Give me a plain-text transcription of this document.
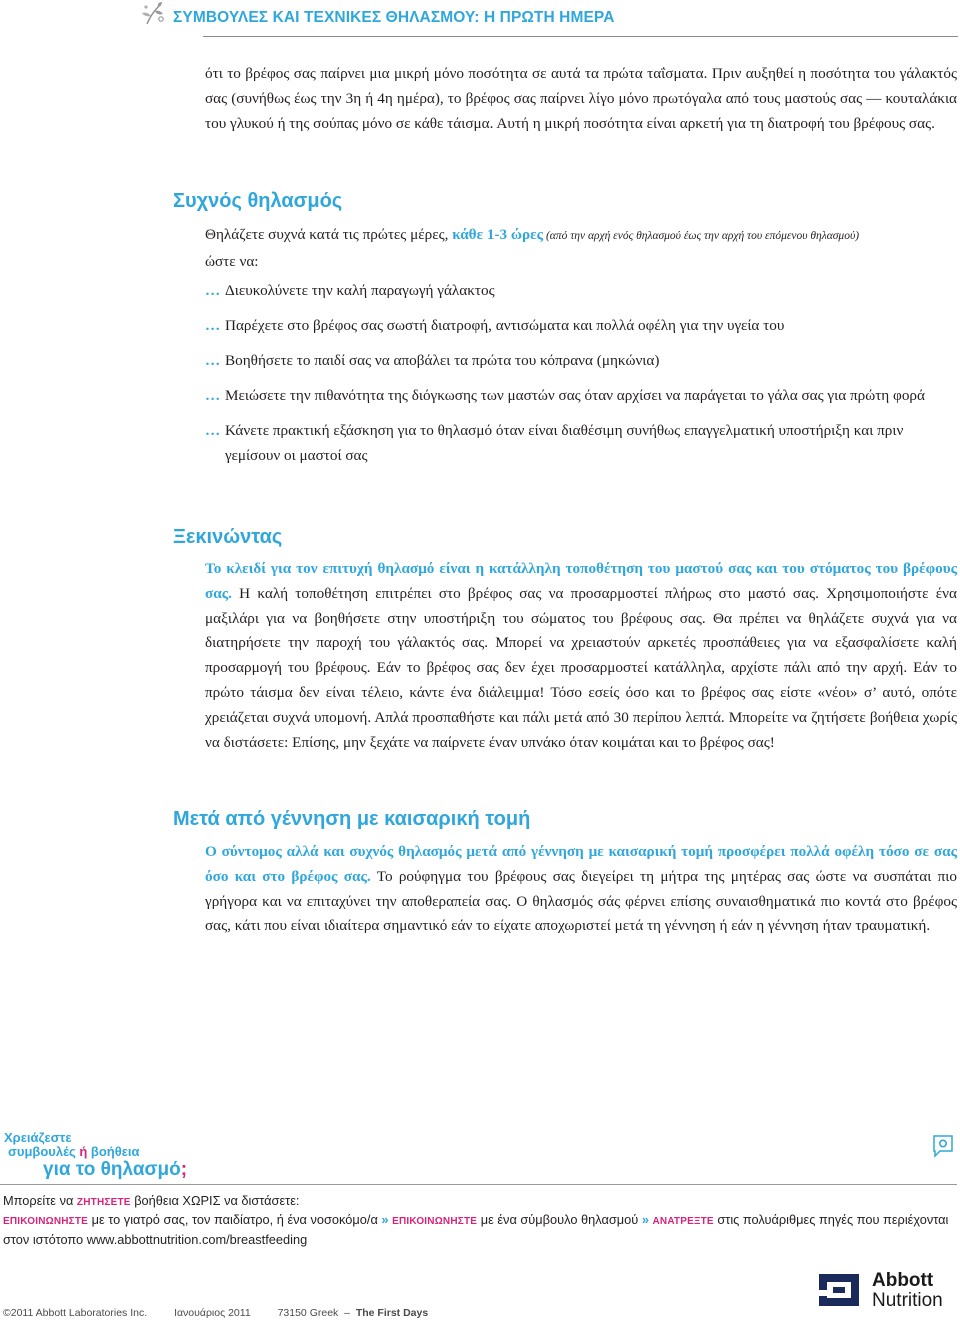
ΣΥΜΒΟΥΛΕΣ ΚΑΙ ΤΕΧΝΙΚΕΣ ΘΗΛΑΣΜΟΥ: Η ΠΡΩΤΗ ΗΜΕΡΑ

ότι το βρέφος σας παίρνει μια μικρή μόνο ποσότητα σε αυτά τα πρώτα ταΐσματα. Πριν αυξηθεί η ποσότητα του γάλακτός σας (συνήθως έως την 3η ή 4η ημέρα), το βρέφος σας παίρνει λίγο μόνο πρωτόγαλα από τους μαστούς σας — κουταλάκια του γλυκού ή της σούπας μόνο σε κάθε τάισμα. Αυτή η μικρή ποσότητα είναι αρκετή για τη διατροφή του βρέφους σας.

Συχνός θηλασμός
Θηλάζετε συχνά κατά τις πρώτες μέρες, κάθε 1-3 ώρες (από την αρχή ενός θηλασμού έως την αρχή του επόμενου θηλασμού)
ώστε να:
… Διευκολύνετε την καλή παραγωγή γάλακτος
… Παρέχετε στο βρέφος σας σωστή διατροφή, αντισώματα και πολλά οφέλη για την υγεία του
… Βοηθήσετε το παιδί σας να αποβάλει τα πρώτα του κόπρανα (μηκώνια)
… Μειώσετε την πιθανότητα της διόγκωσης των μαστών σας όταν αρχίσει να παράγεται το γάλα σας για πρώτη φορά
… Κάνετε πρακτική εξάσκηση για το θηλασμό όταν είναι διαθέσιμη συνήθως επαγγελματική υποστήριξη και πριν γεμίσουν οι μαστοί σας
Ξεκινώντας

Το κλειδί για τον επιτυχή θηλασμό είναι η κατάλληλη τοποθέτηση του μαστού σας και του στόματος του βρέφους σας. Η καλή τοποθέτηση επιτρέπει στο βρέφος σας να προσαρμοστεί πλήρως στο μαστό σας. Χρησιμοποιήστε ένα μαξιλάρι για να βοηθήσετε στην υποστήριξη του σώματος του βρέφους σας. Θα πρέπει να θηλάζετε συχνά για να διατηρήσετε την παροχή του γάλακτός σας. Μπορεί να χρειαστούν αρκετές προσπάθειες για να εξασφαλίσετε καλή προσαρμογή του βρέφους. Εάν το βρέφος σας δεν έχει προσαρμοστεί κατάλληλα, αρχίστε πάλι από την αρχή. Εάν το πρώτο τάισμα δεν είναι τέλειο, κάντε ένα διάλειμμα! Τόσο εσείς όσο και το βρέφος σας είστε «νέοι» σ’ αυτό, οπότε χρειάζεται συχνά υπομονή. Απλά προσπαθήστε και πάλι μετά από 30 περίπου λεπτά. Μπορείτε να ζητήσετε βοήθεια χωρίς να διστάσετε: Επίσης, μην ξεχάτε να παίρνετε έναν υπνάκο όταν κοιμάται και το βρέφος σας!

Μετά από γέννηση με καισαρική τομή

Ο σύντομος αλλά και συχνός θηλασμός μετά από γέννηση με καισαρική τομή προσφέρει πολλά οφέλη τόσο σε σας όσο και στο βρέφος σας. Το ρούφηγμα του βρέφους σας διεγείρει τη μήτρα της μητέρας σας ώστε να συσπάται πιο γρήγορα και να επιταχύνει την αποθεραπεία σας. Ο θηλασμός σάς φέρνει επίσης συναισθηματικά πιο κοντά στο βρέφος σας, κάτι που είναι ιδιαίτερα σημαντικό εάν το είχατε αποχωριστεί μετά τη γέννηση ή εάν η γέννηση ήταν τραυματική.

Χρειάζεστε
συμβουλές ή βοήθεια
για το θηλασμό;
Μπορείτε να ΖΗΤΗΣΕΤΕ βοήθεια ΧΩΡΙΣ να διστάσετε:
ΕΠΙΚΟΙΝΩΝΗΣΤΕ με το γιατρό σας, τον παιδίατρο, ή ένα νοσοκόμο/α » ΕΠΙΚΟΙΝΩΝΗΣΤΕ με ένα σύμβουλο θηλασμού » ΑΝΑΤΡΕΞΤΕ στις πολυάριθμες πηγές που περιέχονται στον ιστότοπο www.abbottnutrition.com/breastfeeding
Abbott
Nutrition
©2011 Abbott Laboratories Inc.	Ιανουάριος 2011	73150 Greek  –  The First Days
